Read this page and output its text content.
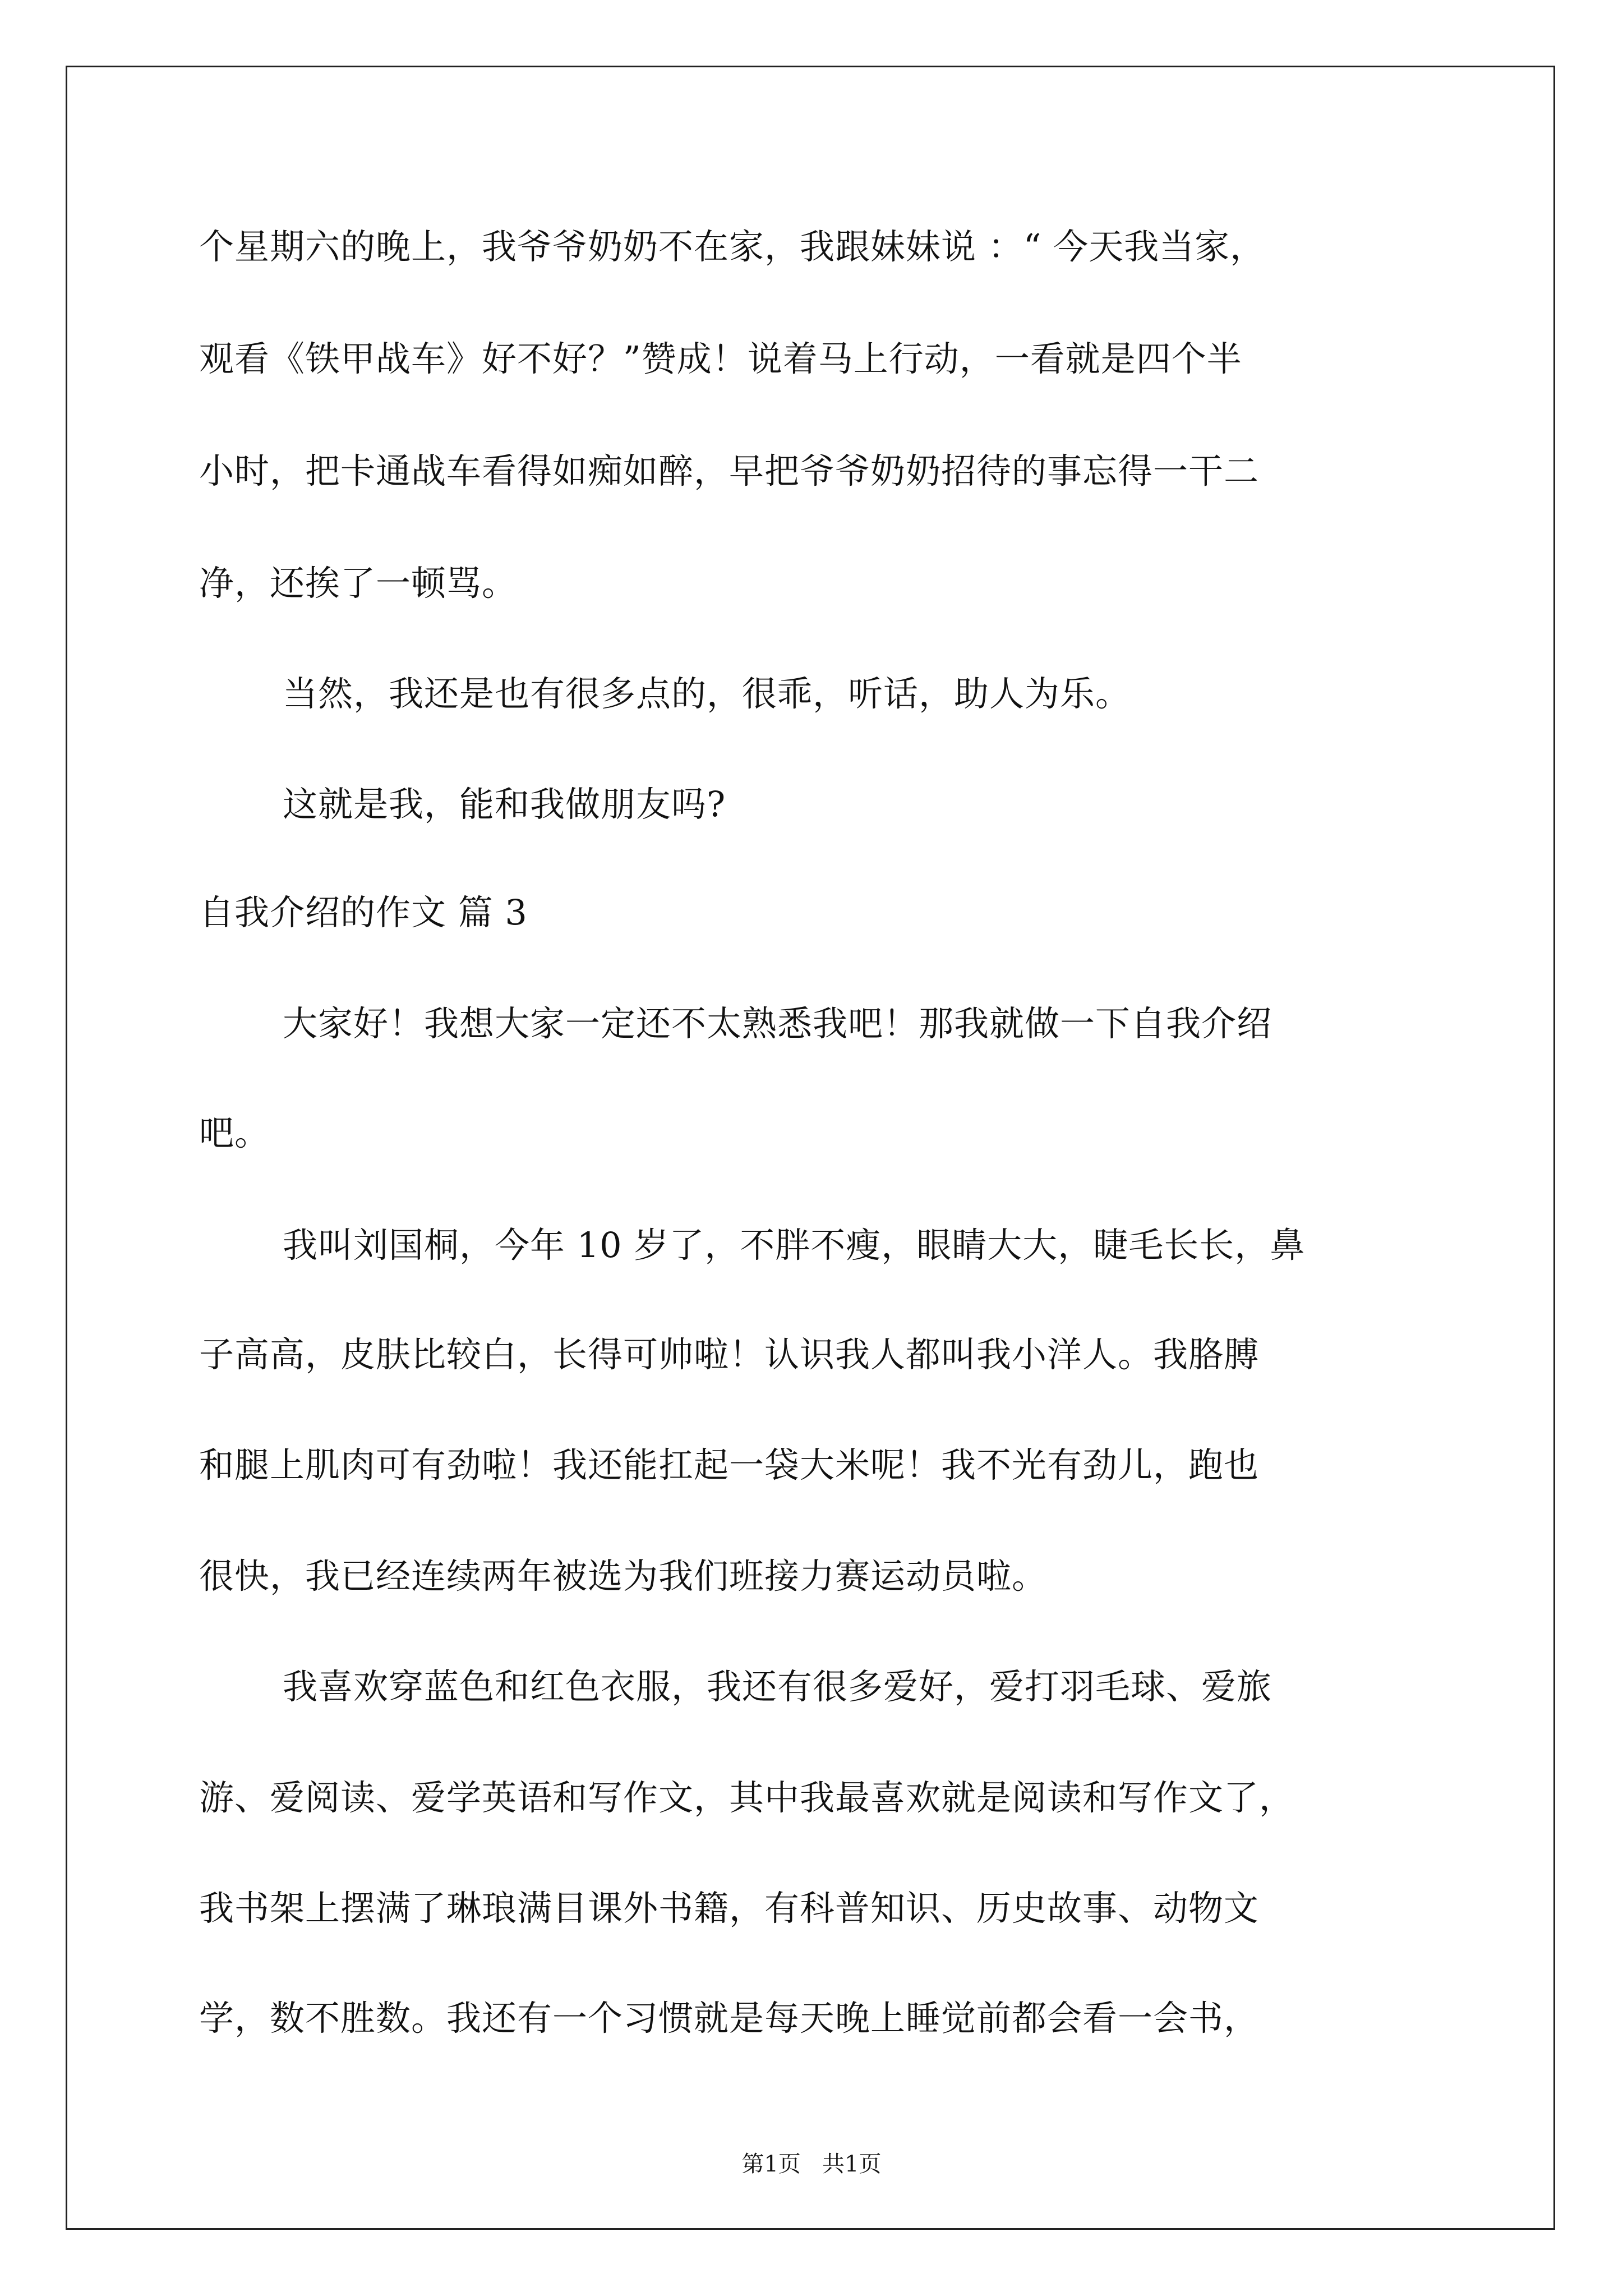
个星期六的晚上，我爷爷奶奶不在家，我跟妹妹说 ：“ 今天我当家，
观看《铁甲战车》好不好？”赞成！说着马上行动，一看就是四个半
小时，把卡通战车看得如痴如醉，早把爷爷奶奶招待的事忘得一干二
净，还挨了一顿骂。
当然，我还是也有很多点的，很乖，听话，助人为乐。
这就是我，能和我做朋友吗?
自我介绍的作文 篇 3
大家好！我想大家一定还不太熟悉我吧！那我就做一下自我介绍
吧。
我叫刘国桐，今年 10 岁了，不胖不瘦，眼睛大大，睫毛长长，鼻
子高高，皮肤比较白，长得可帅啦！认识我人都叫我小洋人。我胳膊
和腿上肌肉可有劲啦！我还能扛起一袋大米呢！我不光有劲儿，跑也
很快，我已经连续两年被选为我们班接力赛运动员啦。
我喜欢穿蓝色和红色衣服，我还有很多爱好，爱打羽毛球、爱旅
游、爱阅读、爱学英语和写作文，其中我最喜欢就是阅读和写作文了，
我书架上摆满了琳琅满目课外书籍，有科普知识、历史故事、动物文
学，数不胜数。我还有一个习惯就是每天晚上睡觉前都会看一会书，
第1页   共1页
